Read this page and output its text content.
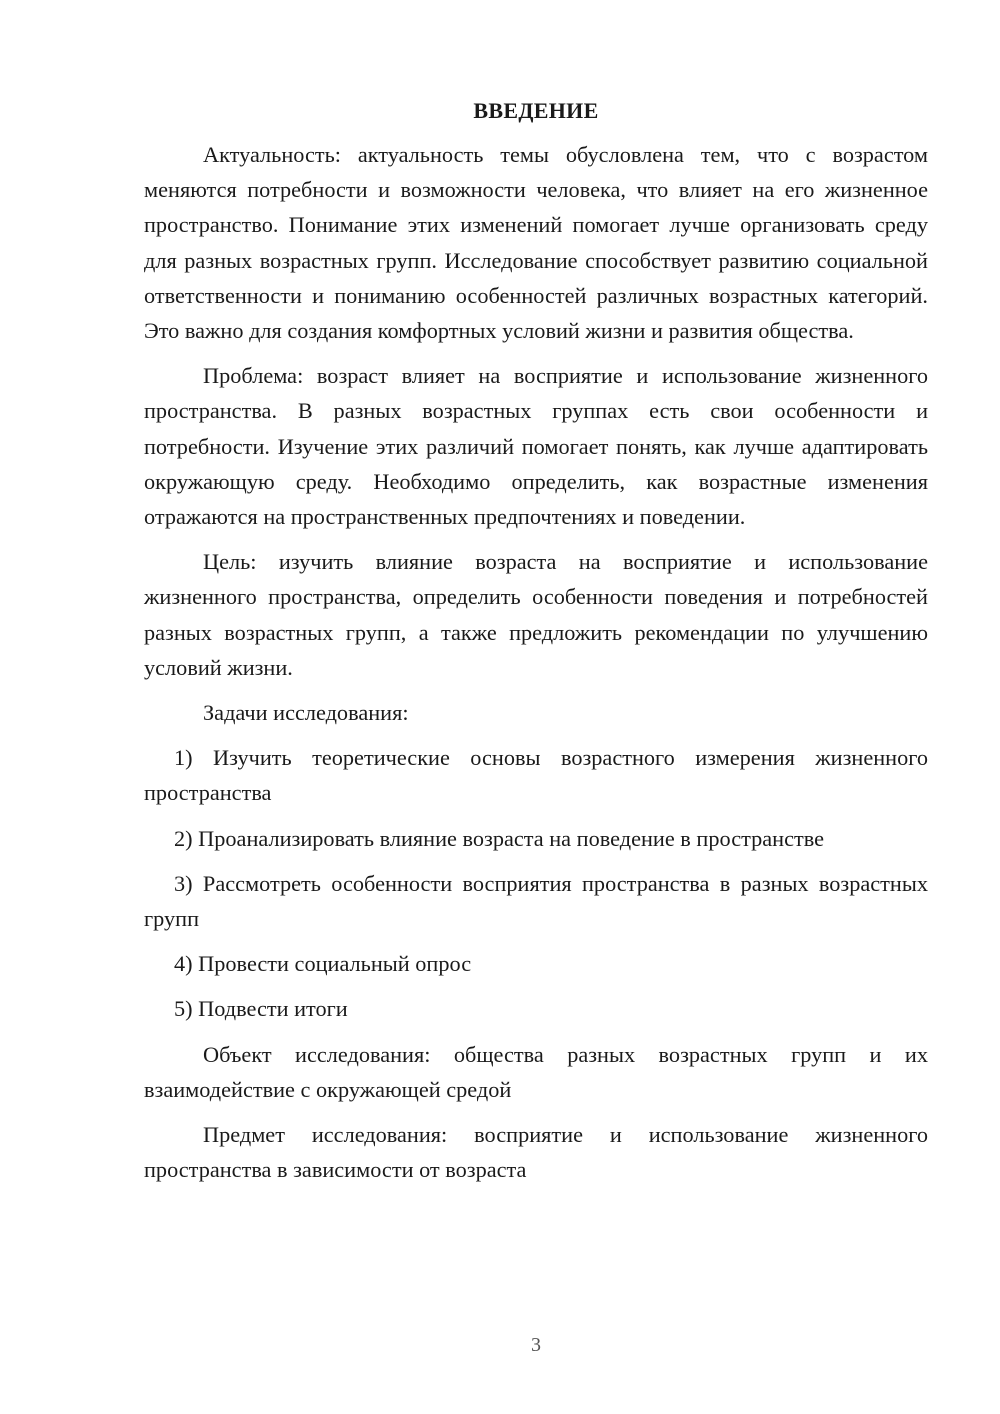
ВВЕДЕНИЕ

Актуальность: актуальность темы обусловлена тем, что с возрастом меняются потребности и возможности человека, что влияет на его жизненное пространство. Понимание этих изменений помогает лучше организовать среду для разных возрастных групп. Исследование способствует развитию социальной ответственности и пониманию особенностей различных возрастных категорий. Это важно для создания комфортных условий жизни и развития общества.

Проблема: возраст влияет на восприятие и использование жизненного пространства. В разных возрастных группах есть свои особенности и потребности. Изучение этих различий помогает понять, как лучше адаптировать окружающую среду. Необходимо определить, как возрастные изменения отражаются на пространственных предпочтениях и поведении.

Цель: изучить влияние возраста на восприятие и использование жизненного пространства, определить особенности поведения и потребностей разных возрастных групп, а также предложить рекомендации по улучшению условий жизни.

Задачи исследования:

1) Изучить теоретические основы возрастного измерения жизненного пространства

2) Проанализировать влияние возраста на поведение в пространстве

3) Рассмотреть особенности восприятия пространства в разных возрастных групп

4) Провести социальный опрос

5) Подвести итоги

Объект исследования: общества разных возрастных групп и их взаимодействие с окружающей средой

Предмет исследования: восприятие и использование жизненного пространства в зависимости от возраста

3
